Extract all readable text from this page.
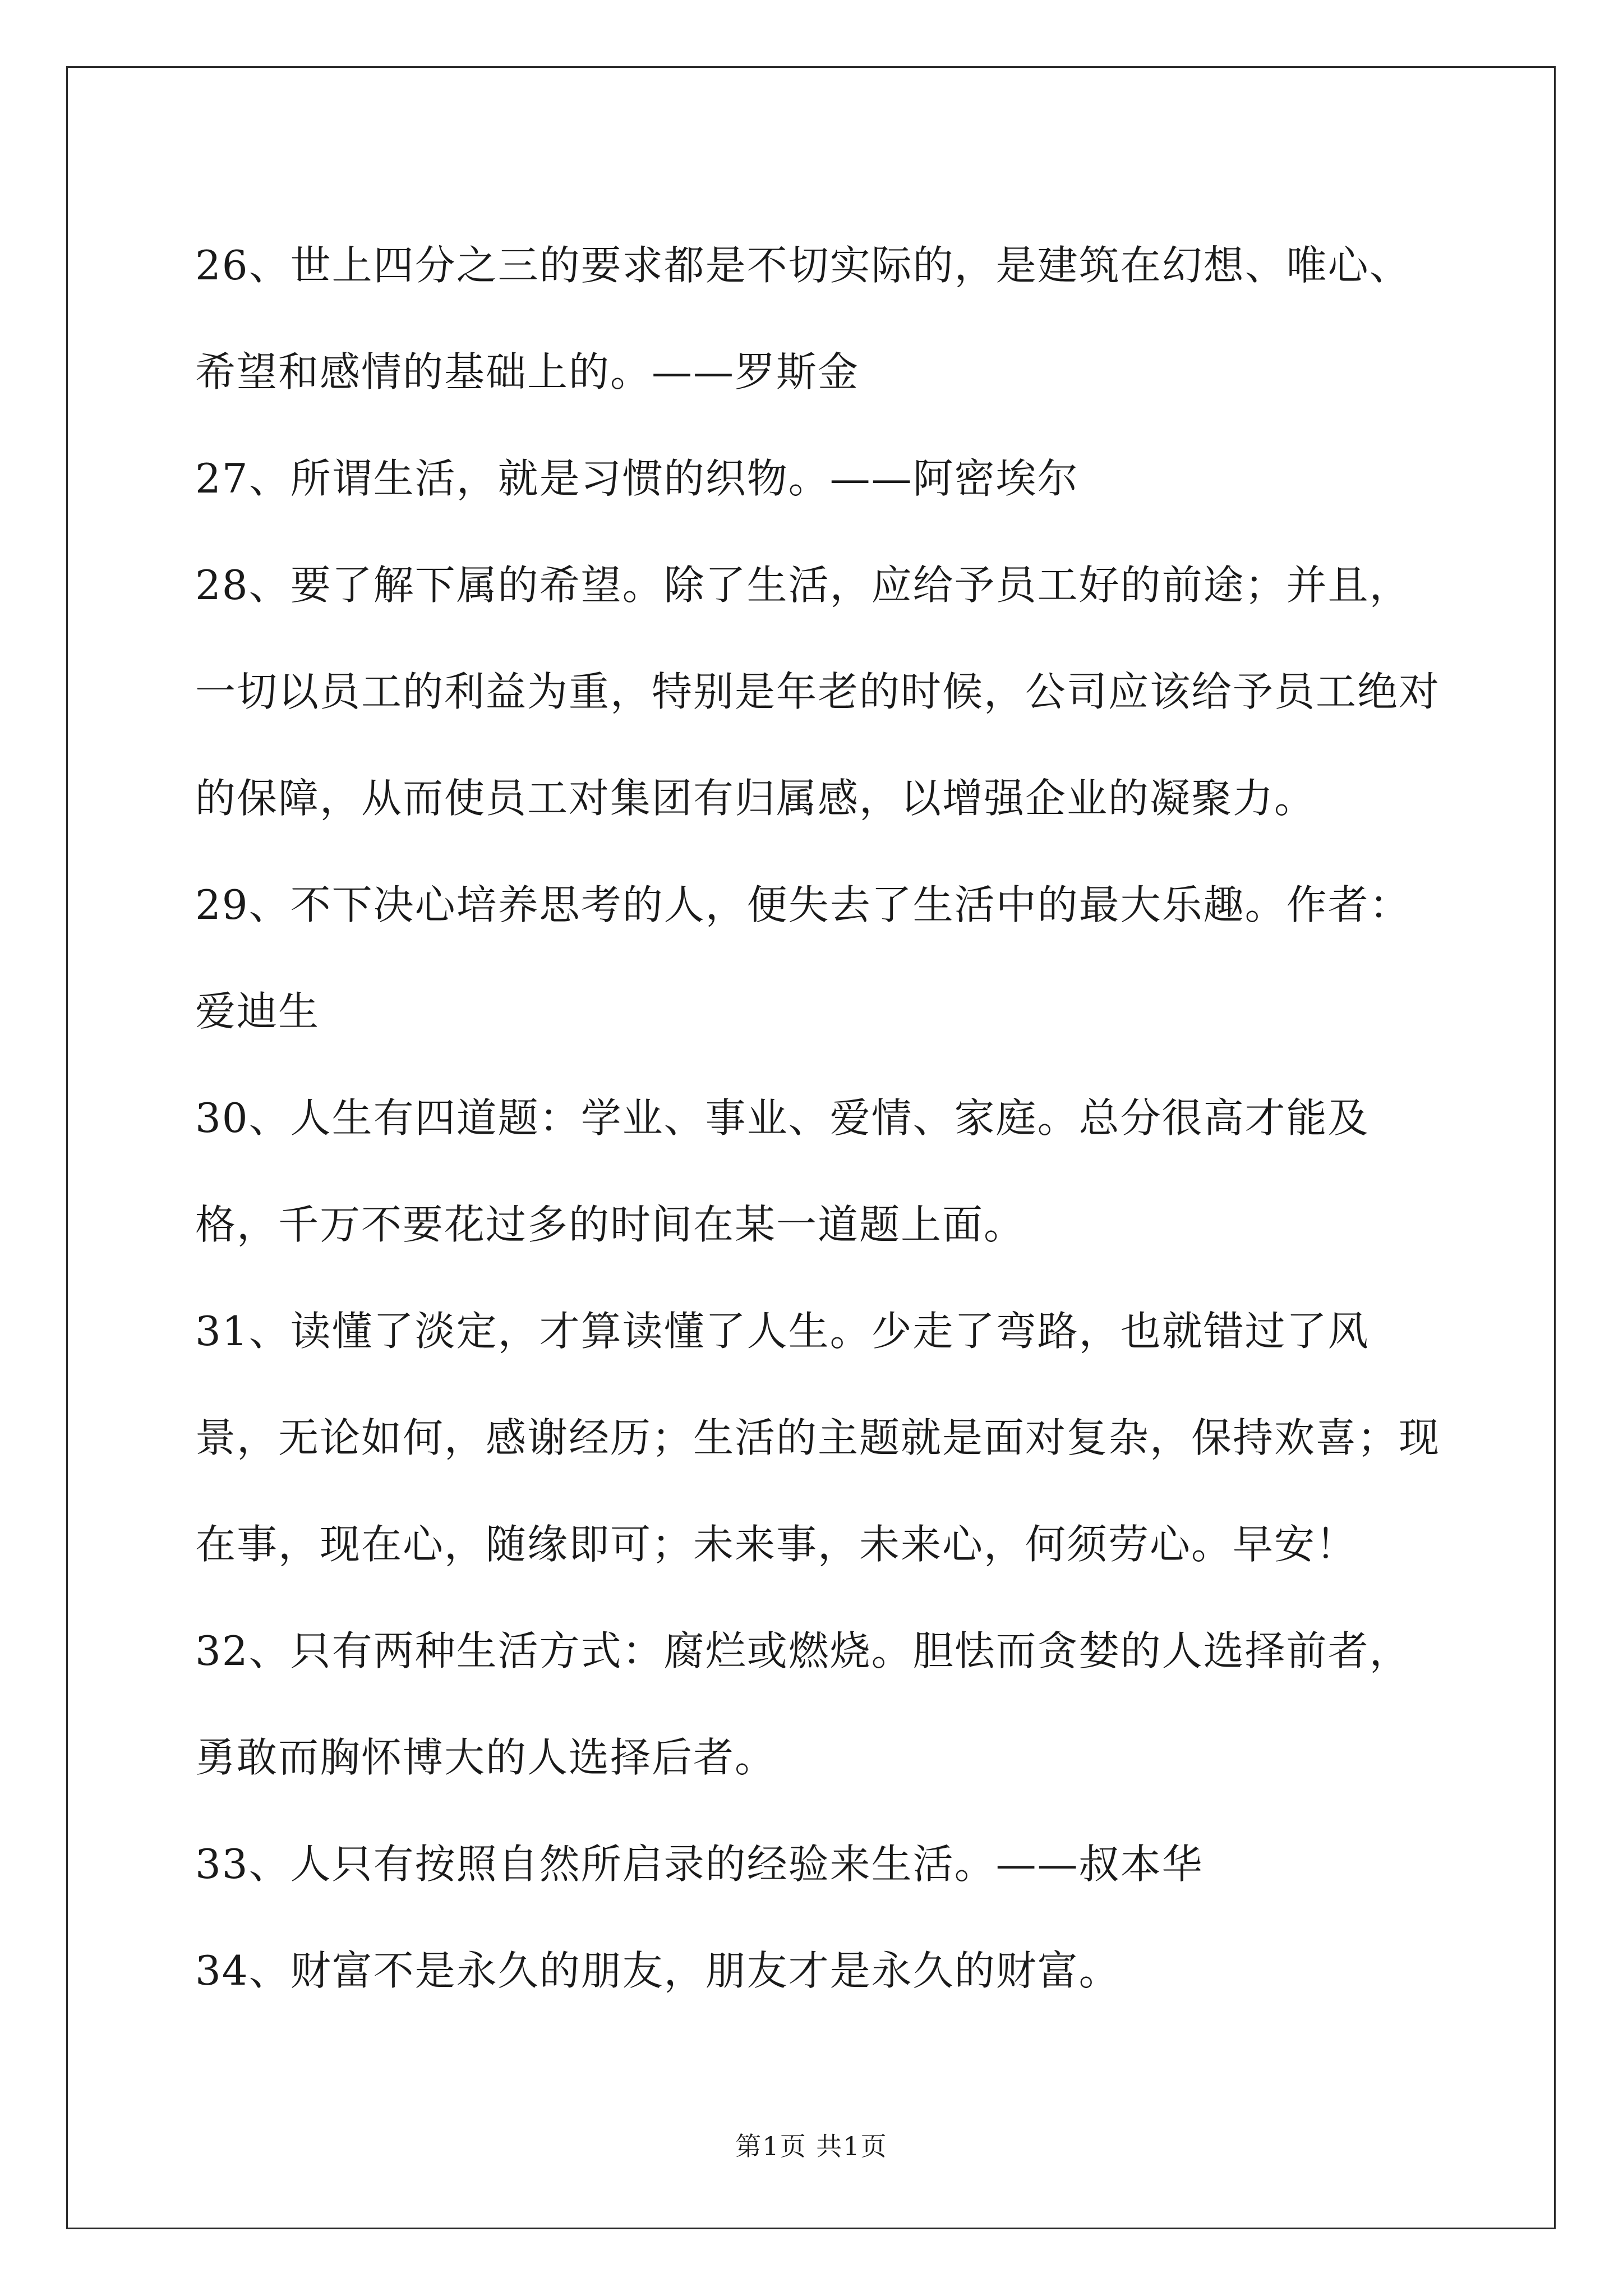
26、世上四分之三的要求都是不切实际的，是建筑在幻想、唯心、希望和感情的基础上的。——罗斯金

27、所谓生活，就是习惯的织物。——阿密埃尔

28、要了解下属的希望。除了生活，应给予员工好的前途；并且，一切以员工的利益为重，特别是年老的时候，公司应该给予员工绝对的保障，从而使员工对集团有归属感，以增强企业的凝聚力。

29、不下决心培养思考的人，便失去了生活中的最大乐趣。作者：爱迪生

30、人生有四道题：学业、事业、爱情、家庭。总分很高才能及格，千万不要花过多的时间在某一道题上面。

31、读懂了淡定，才算读懂了人生。少走了弯路，也就错过了风景，无论如何，感谢经历；生活的主题就是面对复杂，保持欢喜；现在事，现在心，随缘即可；未来事，未来心，何须劳心。早安！

32、只有两种生活方式：腐烂或燃烧。胆怯而贪婪的人选择前者，勇敢而胸怀博大的人选择后者。

33、人只有按照自然所启录的经验来生活。——叔本华

34、财富不是永久的朋友，朋友才是永久的财富。

第1页 共1页
